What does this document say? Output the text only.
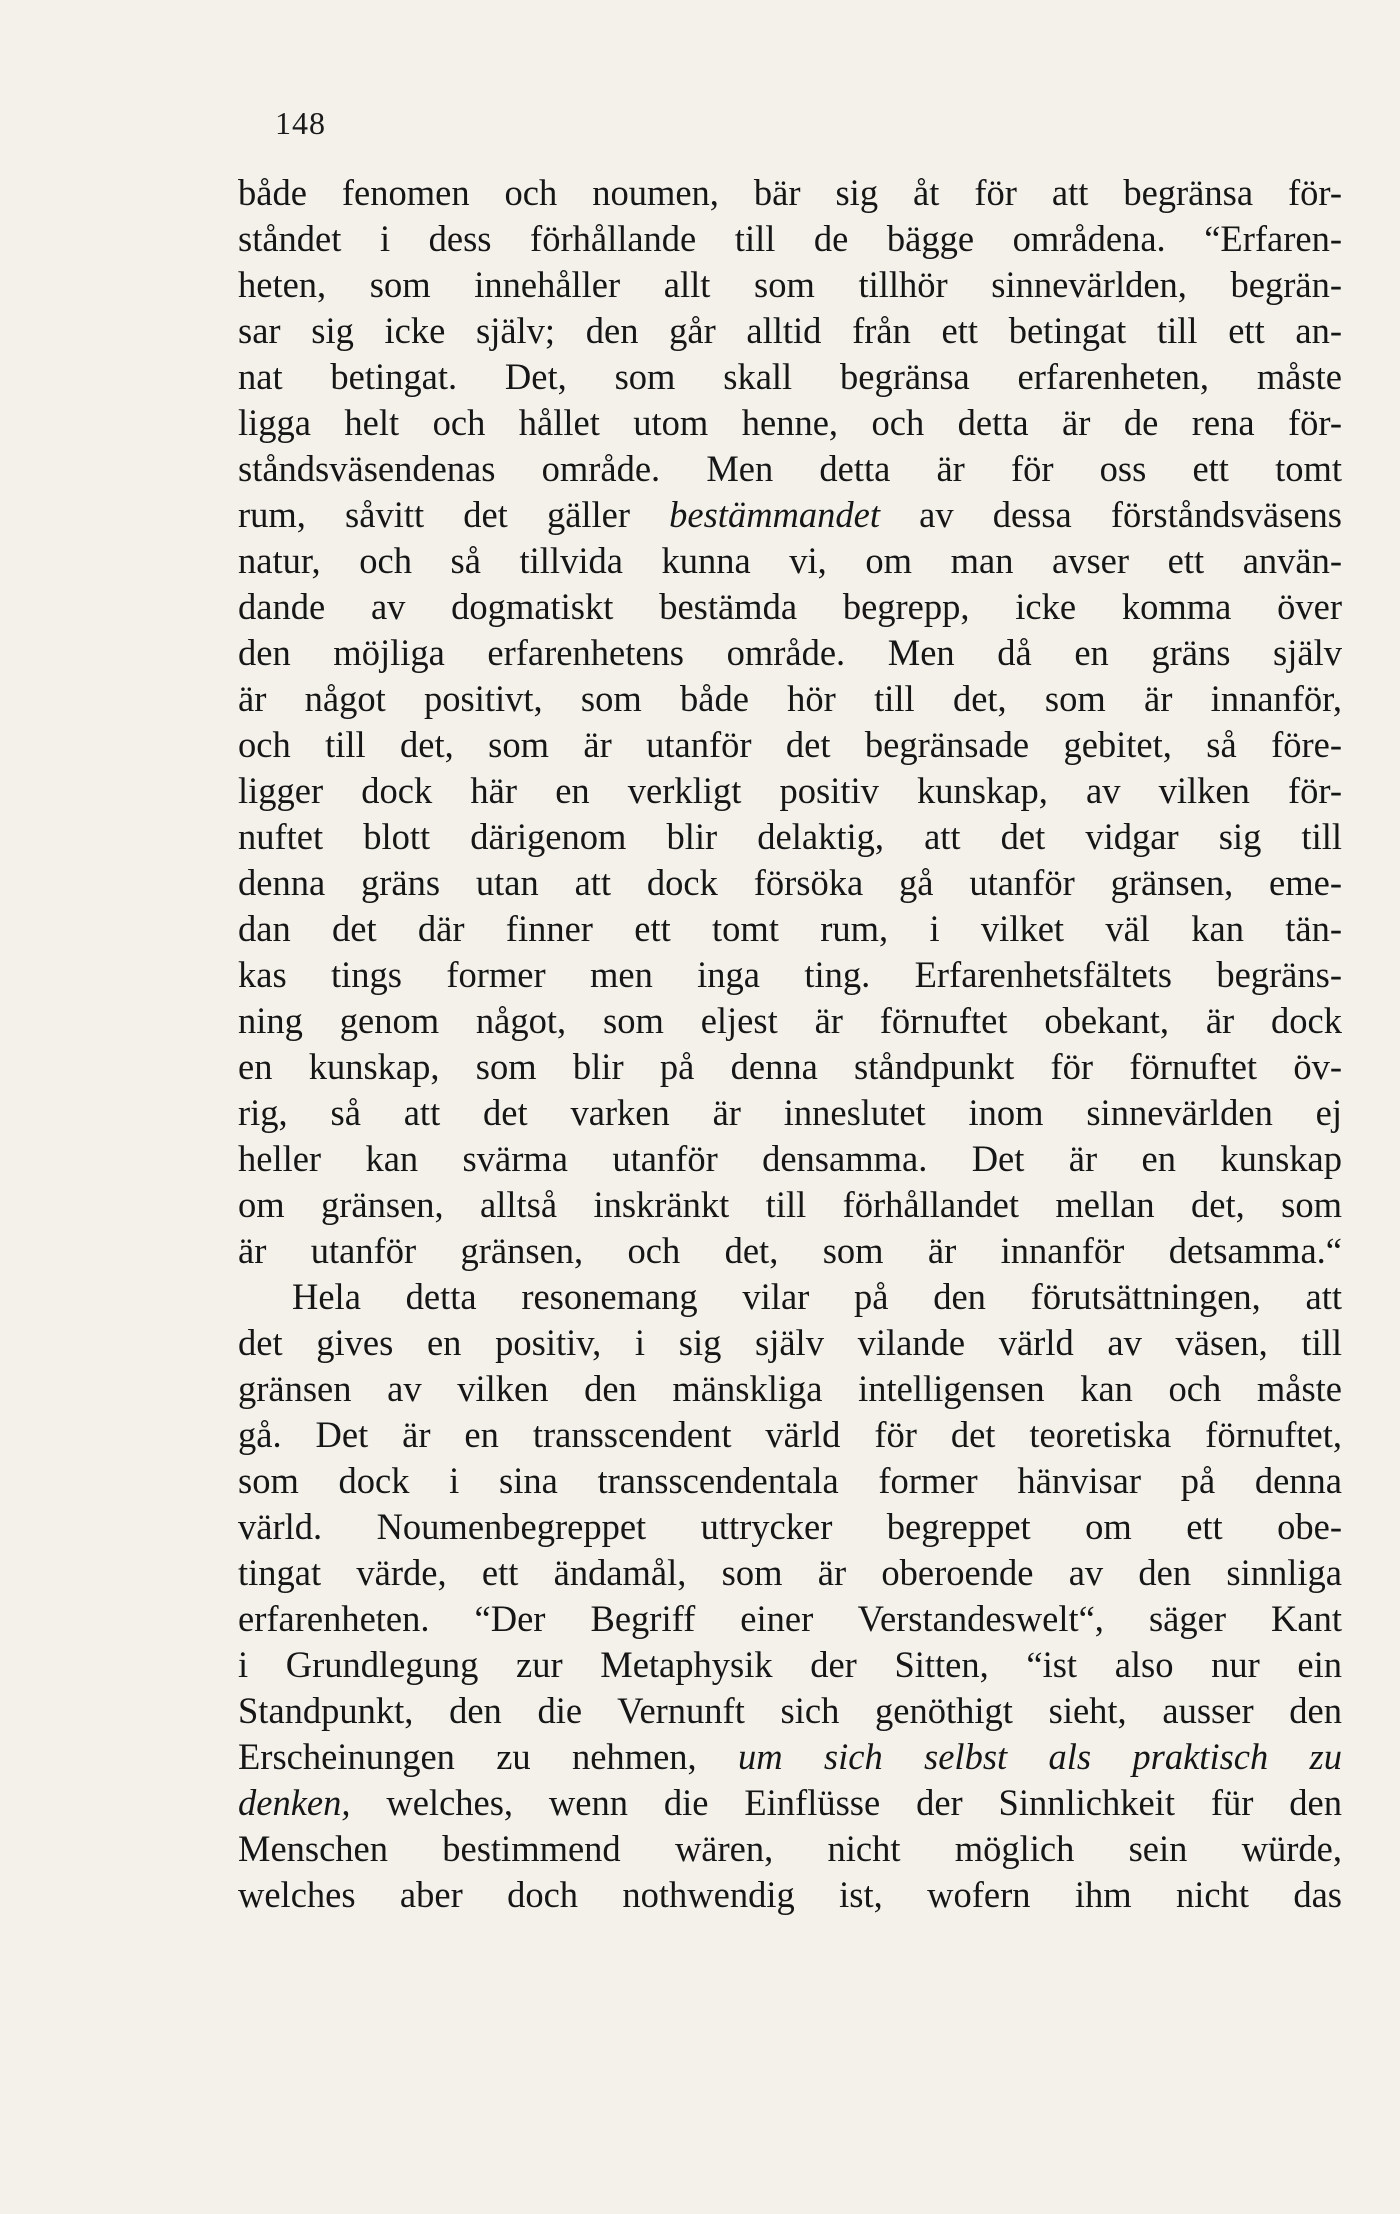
148
både fenomen och noumen, bär sig åt för att begränsa för-
ståndet i dess förhållande till de bägge områdena. “Erfaren-
heten, som innehåller allt som tillhör sinnevärlden, begrän-
sar sig icke själv; den går alltid från ett betingat till ett an-
nat betingat. Det, som skall begränsa erfarenheten, måste
ligga helt och hållet utom henne, och detta är de rena för-
ståndsväsendenas område. Men detta är för oss ett tomt
rum, såvitt det gäller bestämmandet av dessa förståndsväsens
natur, och så tillvida kunna vi, om man avser ett använ-
dande av dogmatiskt bestämda begrepp, icke komma över
den möjliga erfarenhetens område. Men då en gräns själv
är något positivt, som både hör till det, som är innanför,
och till det, som är utanför det begränsade gebitet, så före-
ligger dock här en verkligt positiv kunskap, av vilken för-
nuftet blott därigenom blir delaktig, att det vidgar sig till
denna gräns utan att dock försöka gå utanför gränsen, eme-
dan det där finner ett tomt rum, i vilket väl kan tän-
kas tings former men inga ting. Erfarenhetsfältets begräns-
ning genom något, som eljest är förnuftet obekant, är dock
en kunskap, som blir på denna ståndpunkt för förnuftet öv-
rig, så att det varken är inneslutet inom sinnevärlden ej
heller kan svärma utanför densamma. Det är en kunskap
om gränsen, alltså inskränkt till förhållandet mellan det, som
är utanför gränsen, och det, som är innanför detsamma.“
Hela detta resonemang vilar på den förutsättningen, att
det gives en positiv, i sig själv vilande värld av väsen, till
gränsen av vilken den mänskliga intelligensen kan och måste
gå. Det är en transscendent värld för det teoretiska förnuftet,
som dock i sina transscendentala former hänvisar på denna
värld. Noumenbegreppet uttrycker begreppet om ett obe-
tingat värde, ett ändamål, som är oberoende av den sinnliga
erfarenheten. “Der Begriff einer Verstandeswelt“, säger Kant
i Grundlegung zur Metaphysik der Sitten, “ist also nur ein
Standpunkt, den die Vernunft sich genöthigt sieht, ausser den
Erscheinungen zu nehmen, um sich selbst als praktisch zu
denken, welches, wenn die Einflüsse der Sinnlichkeit für den
Menschen bestimmend wären, nicht möglich sein würde,
welches aber doch nothwendig ist, wofern ihm nicht das
